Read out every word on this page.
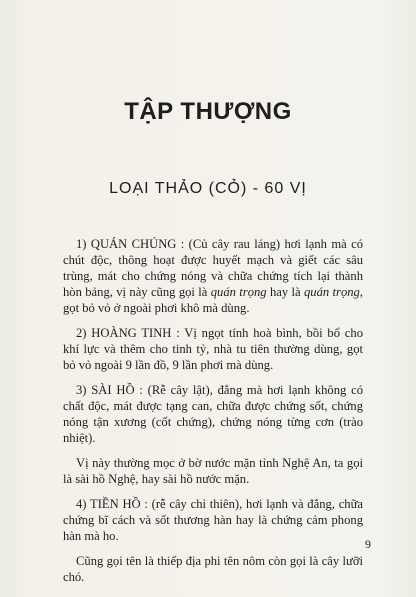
TẬP THƯỢNG
LOẠI THẢO (CỎ) - 60 VỊ

1) QUÁN CHÚNG : (Củ cây rau láng) hơi lạnh mà có chút độc, thông hoạt được huyết mạch và giết các sâu trùng, mát cho chứng nóng và chữa chứng tích lại thành hòn bảng, vị này cũng gọi là quán trọng hay là quán trọng, gọt bỏ vỏ ở ngoài phơi khô mà dùng.

2) HOÀNG TINH : Vị ngọt tính hoà bình, bồi bổ cho khí lực và thêm cho tinh tỷ, nhà tu tiên thường dùng, gọt bỏ vỏ ngoài 9 lần đồ, 9 lần phơi mà dùng.

3) SÀI HỒ : (Rễ cây lật), đắng mà hơi lạnh không có chất độc, mát được tạng can, chữa được chứng sốt, chứng nóng tận xương (cốt chứng), chứng nóng từng cơn (trào nhiệt).

Vị này thường mọc ở bờ nước mặn tỉnh Nghệ An, ta gọi là sài hồ Nghệ, hay sài hồ nước mặn.

4) TIỀN HỒ : (rễ cây chỉ thiên), hơi lạnh và đắng, chữa chứng bĩ cách và sốt thương hàn hay là chứng cảm phong hàn mà ho.

Cũng gọi tên là thiếp địa phi tên nôm còn gọi là cây lưỡi chó.

9
